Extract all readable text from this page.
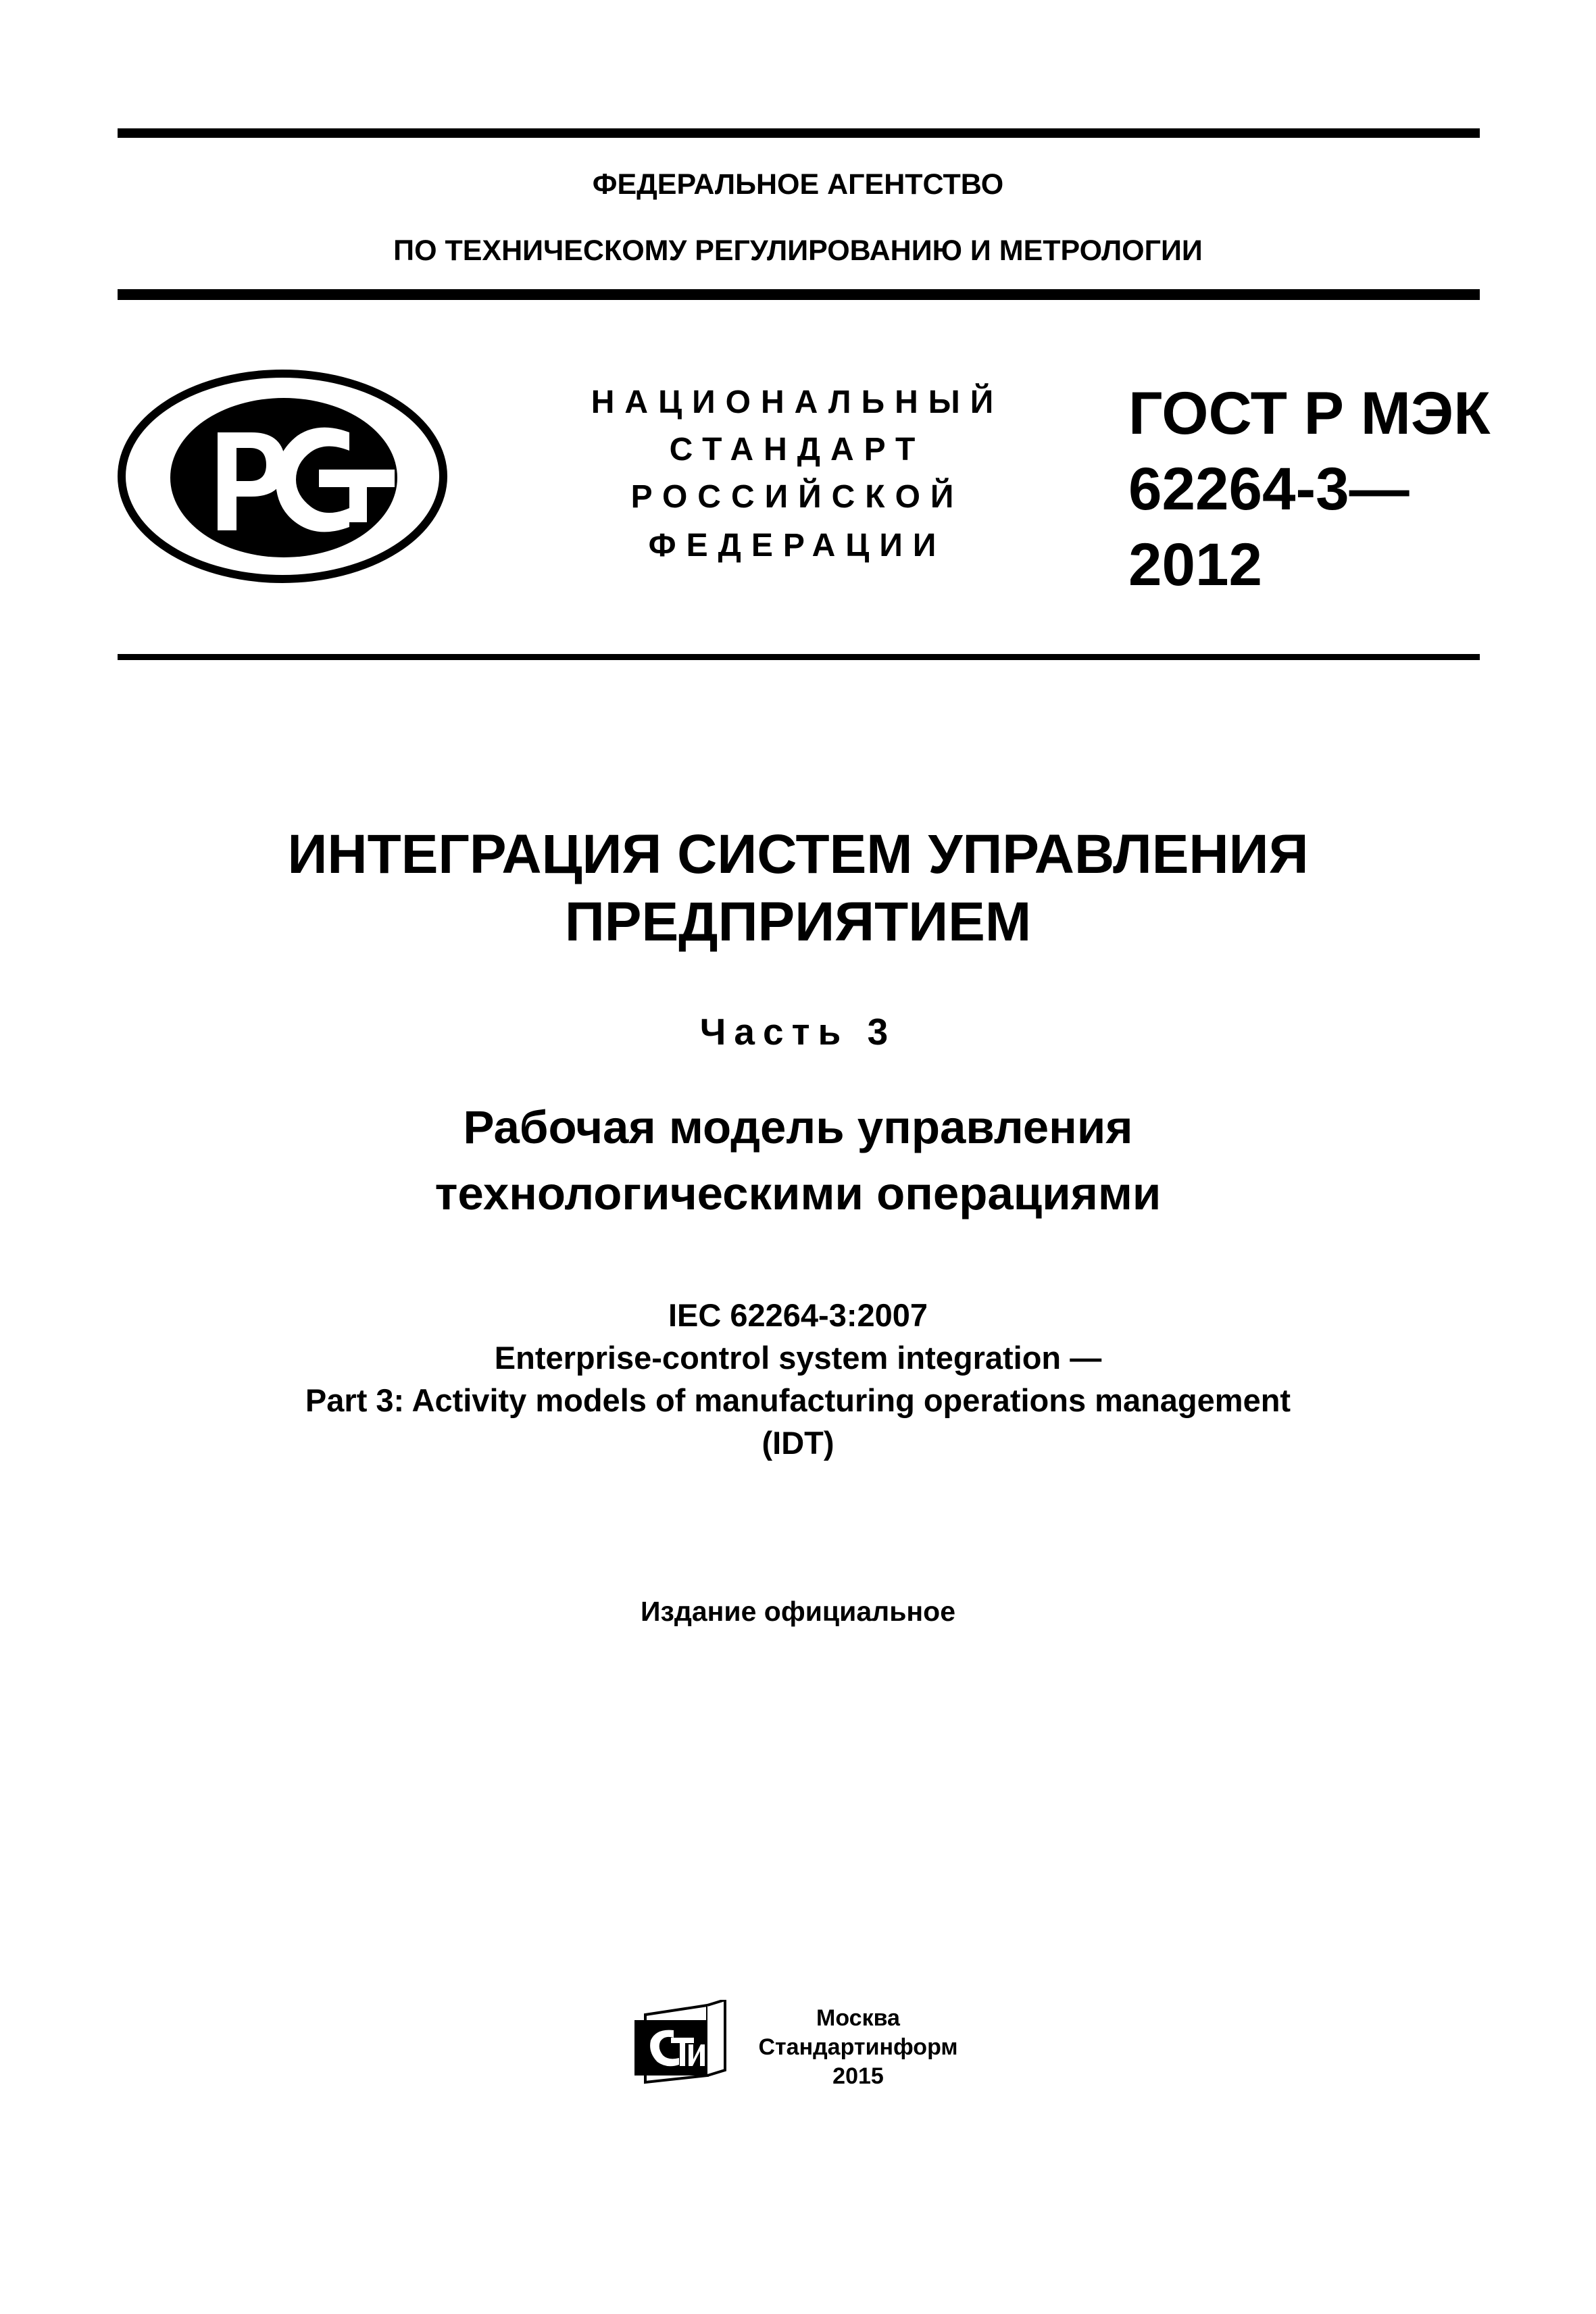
ФЕДЕРАЛЬНОЕ АГЕНТСТВО
ПО ТЕХНИЧЕСКОМУ РЕГУЛИРОВАНИЮ И МЕТРОЛОГИИ
НАЦИОНАЛЬНЫЙ
СТАНДАРТ
РОССИЙСКОЙ
ФЕДЕРАЦИИ
ГОСТ Р МЭК
62264-3—
2012
ИНТЕГРАЦИЯ СИСТЕМ УПРАВЛЕНИЯ
ПРЕДПРИЯТИЕМ
Часть 3
Рабочая модель управления
технологическими операциями
IEC 62264-3:2007
Enterprise-control system integration —
Part 3: Activity models of manufacturing operations management
(IDT)
Издание официальное
Москва
Стандартинформ
2015
